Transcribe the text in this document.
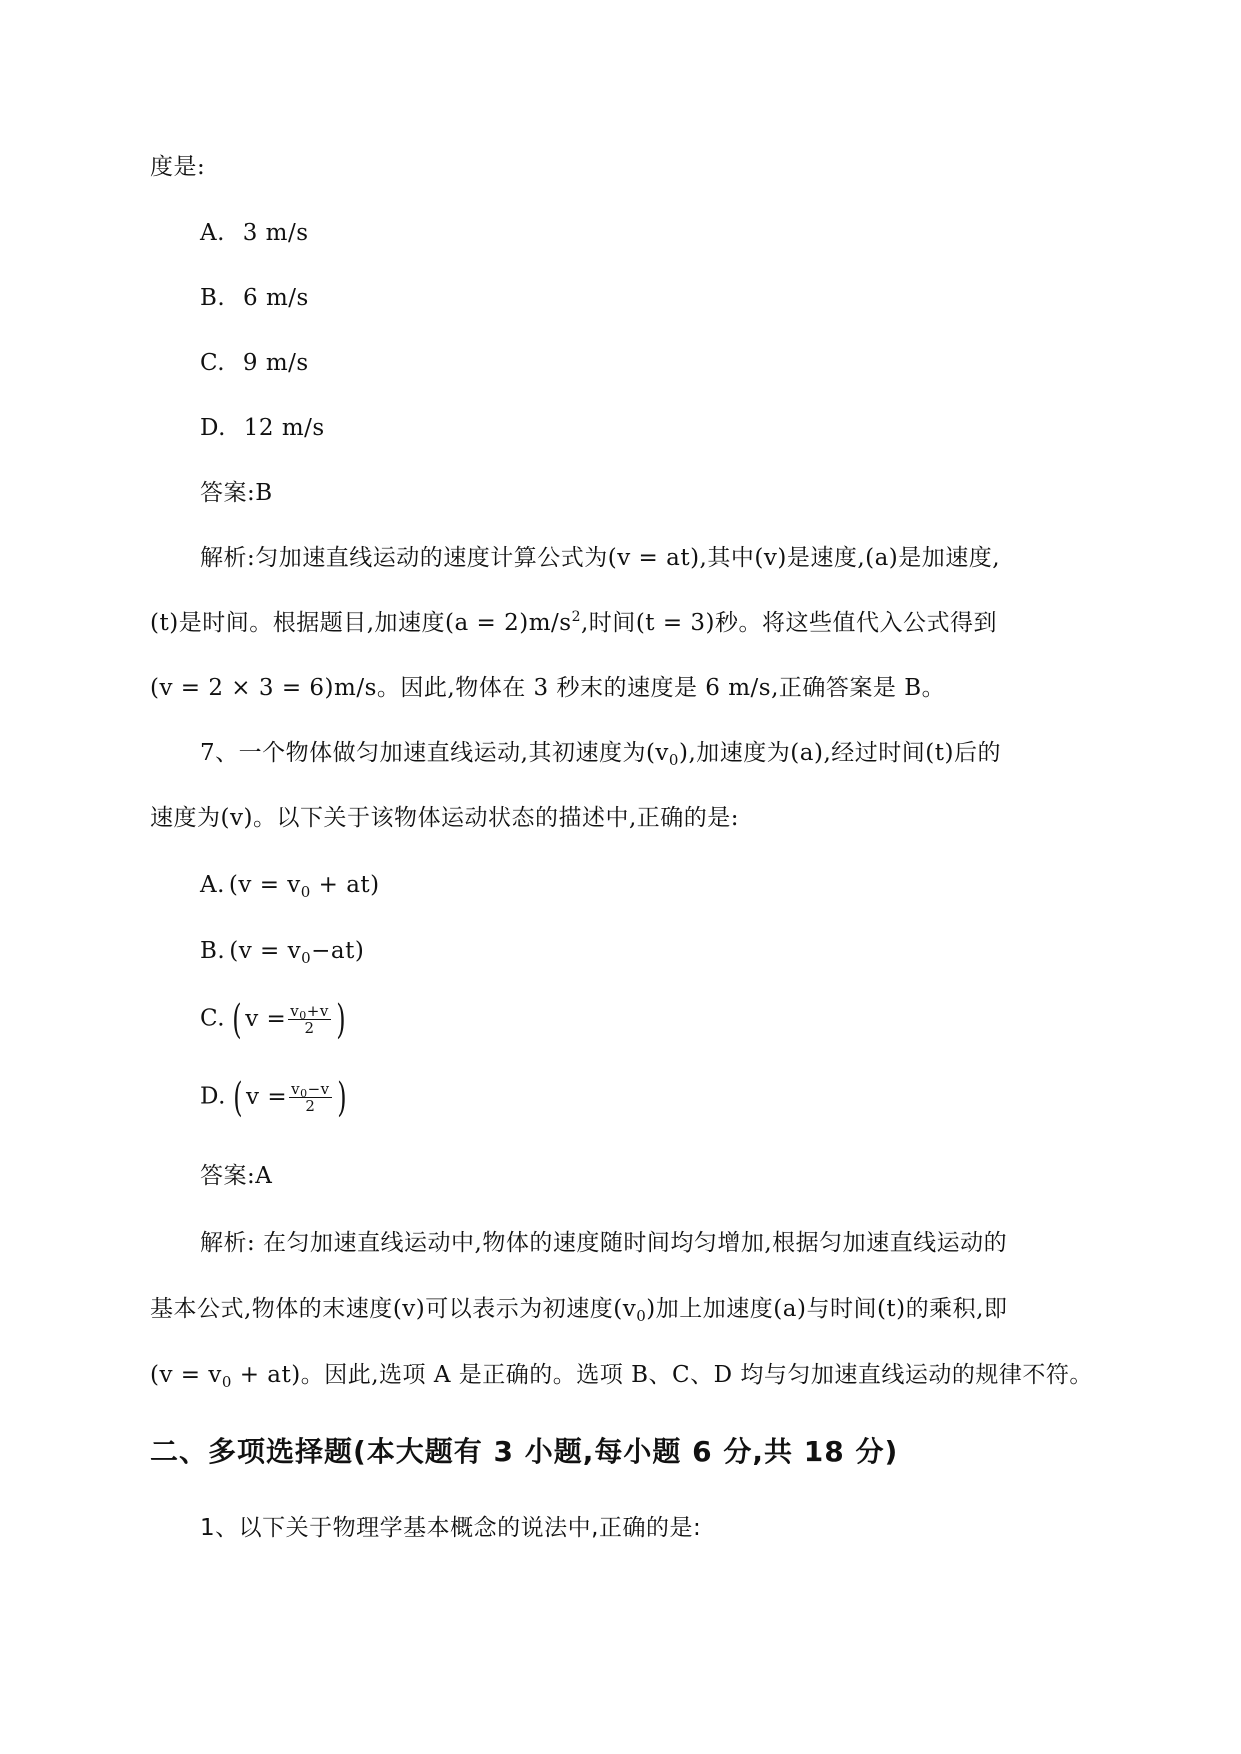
度是:
A. 3 m/s
B. 6 m/s
C. 9 m/s
D. 12 m/s
答案:B
解析:匀加速直线运动的速度计算公式为(v = at),其中(v)是速度,(a)是加速度,
(t)是时间。根据题目,加速度$(a = 2)m/s^2$,时间(t = 3)秒。将这些值代入公式得到
(v = 2 × 3 = 6)m/s。因此,物体在 3 秒末的速度是 6 m/s,正确答案是 B。
7、一个物体做匀加速直线运动,其初速度为$(v_0)$,加速度为(a),经过时间(t)后的
速度为(v)。以下关于该物体运动状态的描述中,正确的是:
A. $(v = v_0 + at)$
B. $(v = v_0-at)$
C. ( $v = \frac{v_0+v}{2}$ )
D. ( $v = \frac{v_0-v}{2}$ )
答案:A
解析: 在匀加速直线运动中,物体的速度随时间均匀增加,根据匀加速直线运动的
基本公式,物体的末速度(v)可以表示为初速度$(v_0)$加上加速度(a)与时间(t)的乘积,即
$(v = v_0 + at)$。因此,选项 A 是正确的。选项 B、C、D 均与匀加速直线运动的规律不符。
二、多项选择题(本大题有 3 小题,每小题 6 分,共 18 分)
1、以下关于物理学基本概念的说法中,正确的是:
